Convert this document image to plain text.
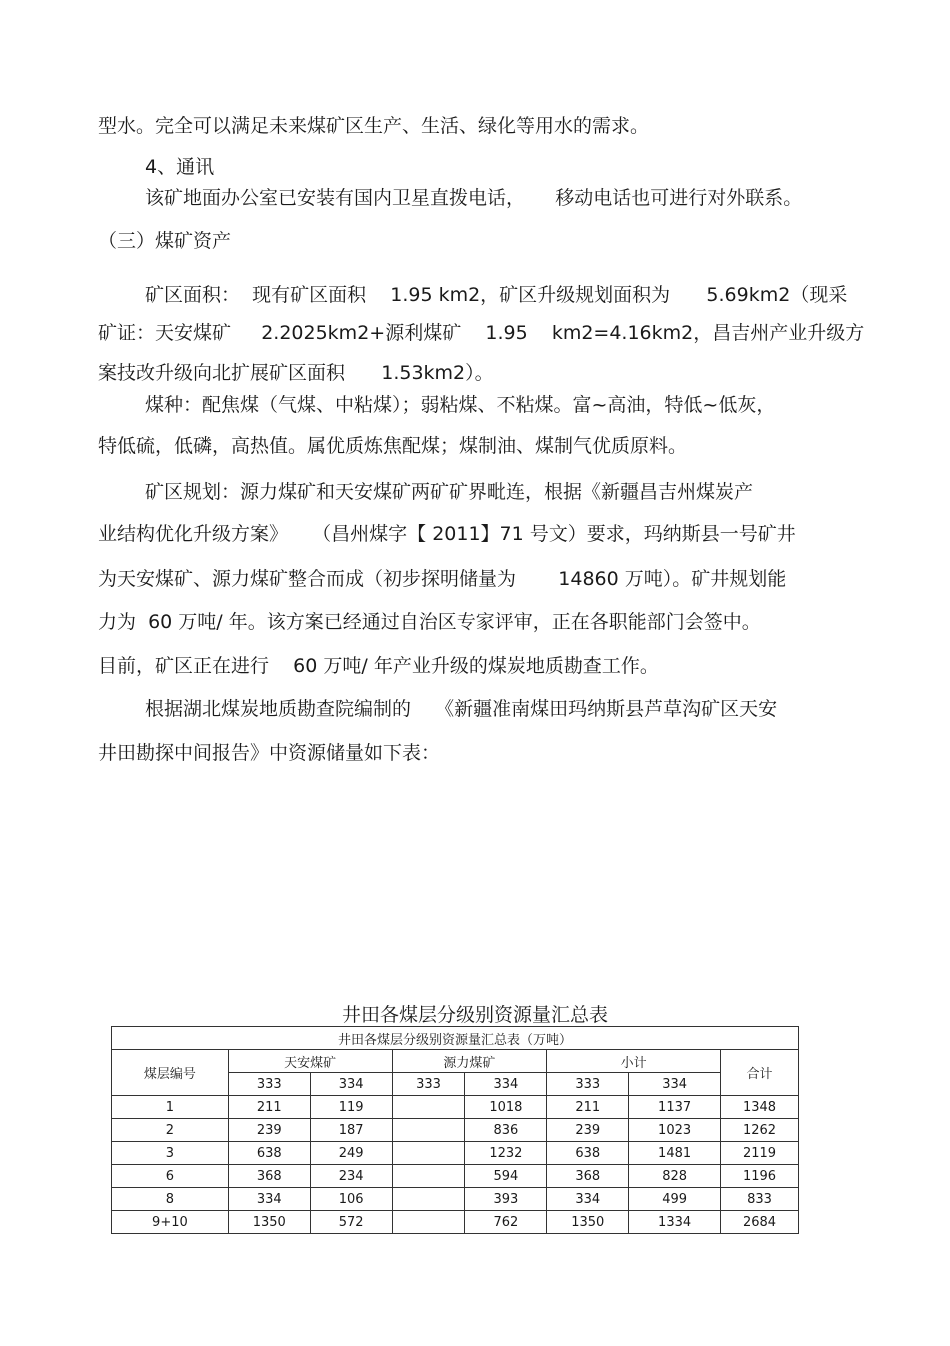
型水。完全可以满足未来煤矿区生产、生活、绿化等用水的需求。
4、通讯
该矿地面办公室已安装有国内卫星直拨电话，     移动电话也可进行对外联系。
（三）煤矿资产
矿区面积：  现有矿区面积    1.95 km2，矿区升级规划面积为      5.69km2（现采
矿证：天安煤矿     2.2025km2+源利煤矿    1.95    km2=4.16km2，昌吉州产业升级方
案技改升级向北扩展矿区面积      1.53km2）。
煤种：配焦煤（气煤、中粘煤）；弱粘煤、不粘煤。富~高油，特低~低灰，
特低硫，低磷，高热值。属优质炼焦配煤；煤制油、煤制气优质原料。
矿区规划：源力煤矿和天安煤矿两矿矿界毗连，根据《新疆昌吉州煤炭产
业结构优化升级方案》    （昌州煤字【 2011】71 号文）要求，玛纳斯县一号矿井
为天安煤矿、源力煤矿整合而成（初步探明储量为       14860 万吨）。矿井规划能
力为  60 万吨/ 年。该方案已经通过自治区专家评审，正在各职能部门会签中。
目前，矿区正在进行    60 万吨/ 年产业升级的煤炭地质勘查工作。
根据湖北煤炭地质勘查院编制的    《新疆准南煤田玛纳斯县芦草沟矿区天安
井田勘探中间报告》中资源储量如下表：
井田各煤层分级别资源量汇总表
井田各煤层分级别资源量汇总表（万吨）							
煤层编号	天安煤矿		源力煤矿		小计		合计
	333	334	333	334	333	334	
1	211	119		1018	211	1137	1348
2	239	187		836	239	1023	1262
3	638	249		1232	638	1481	2119
6	368	234		594	368	828	1196
8	334	106		393	334	499	833
9+10	1350	572		762	1350	1334	2684
